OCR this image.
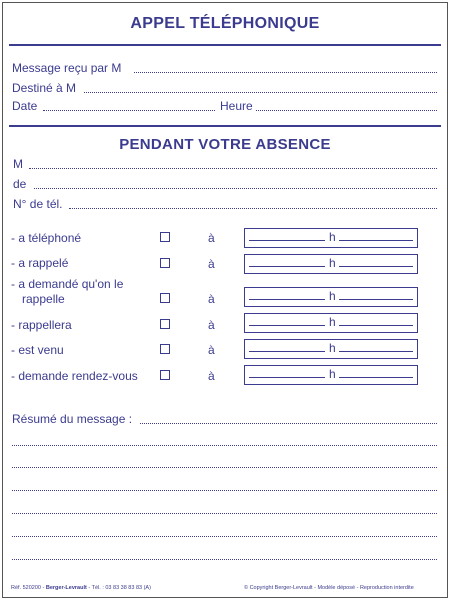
APPEL TÉLÉPHONIQUE
Message reçu par M
Destiné à M
Date	Heure
PENDANT VOTRE ABSENCE
M
de
N° de tél.
- a téléphoné	à	h
- a rappelé	à	h
- a demandé qu'on le
rappelle	à	h
- rappellera	à	h
- est venu	à	h
- demande rendez-vous	à	h
Résumé du message :
Réf. 520200 - Berger-Levrault - Tél. : 03 83 38 83 83 (A)	© Copyright Berger-Levrault - Modèle déposé - Reproduction interdite
